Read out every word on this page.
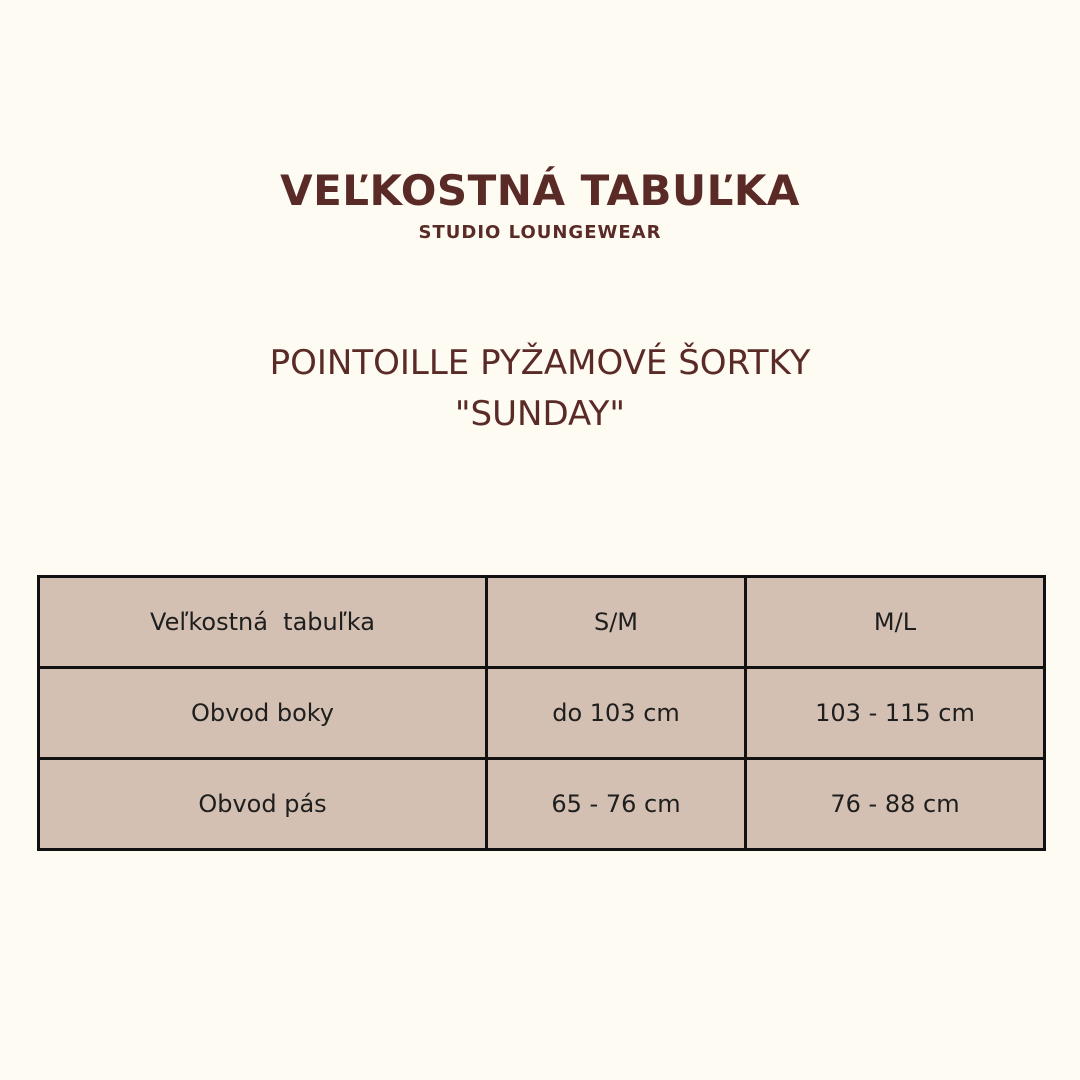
VEĽKOSTNÁ TABUĽKA
STUDIO LOUNGEWEAR
POINTOILLE PYŽAMOVÉ ŠORTKY
"SUNDAY"
Veľkostná  tabuľka	S/M	M/L
Obvod boky	do 103 cm	103 - 115 cm
Obvod pás	65 - 76 cm	76 - 88 cm
